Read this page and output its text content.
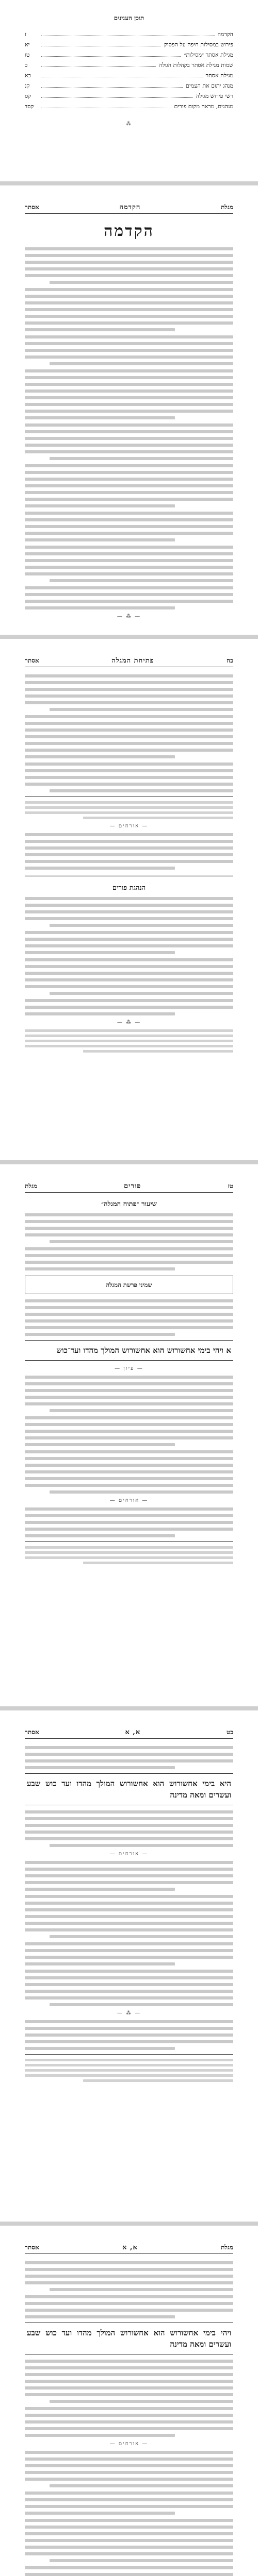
תוכן הענינים
הקדמה
ז
פירוש במסילות חיפה על הפסוק
יא
מגילת אסתר ״מסילות״
טו
שמות מגילת אסתר בקהלות הגולה
כ
מגילת אסתר
כא
מנהג יתום את העמים
קנ
רשי פירוש מגילה
קס
מנהגים, מראה מקום פורים
קסד
⁂
מגלת
הקדמה
אסתר
הקדמה
— ⁂ —
כח
פתיחת המגלה
אסתר
— אורחים —
הנהגת פורים
— ⁂ —
טז
פורים
מגלת
שיעור ״פתוח המגלה״
שמיני פרשת המגלה
א ויהי בימי אחשורוש הוא אחשורוש המולך מהדו ועד־כוש
— עיון —
— אורחים —
כט
א, א
אסתר
היא בימי אחשורוש הוא אחשורוש המולך מהדו ועד כוש שבע ועשרים ומאה מדינה
— אורחים —
— ⁂ —
מגלת
א, א
אסתר
ויהי בימי אחשורוש הוא אחשורוש המולך מהדו ועד כוש שבע ועשרים ומאה מדינה
— אורחים —
